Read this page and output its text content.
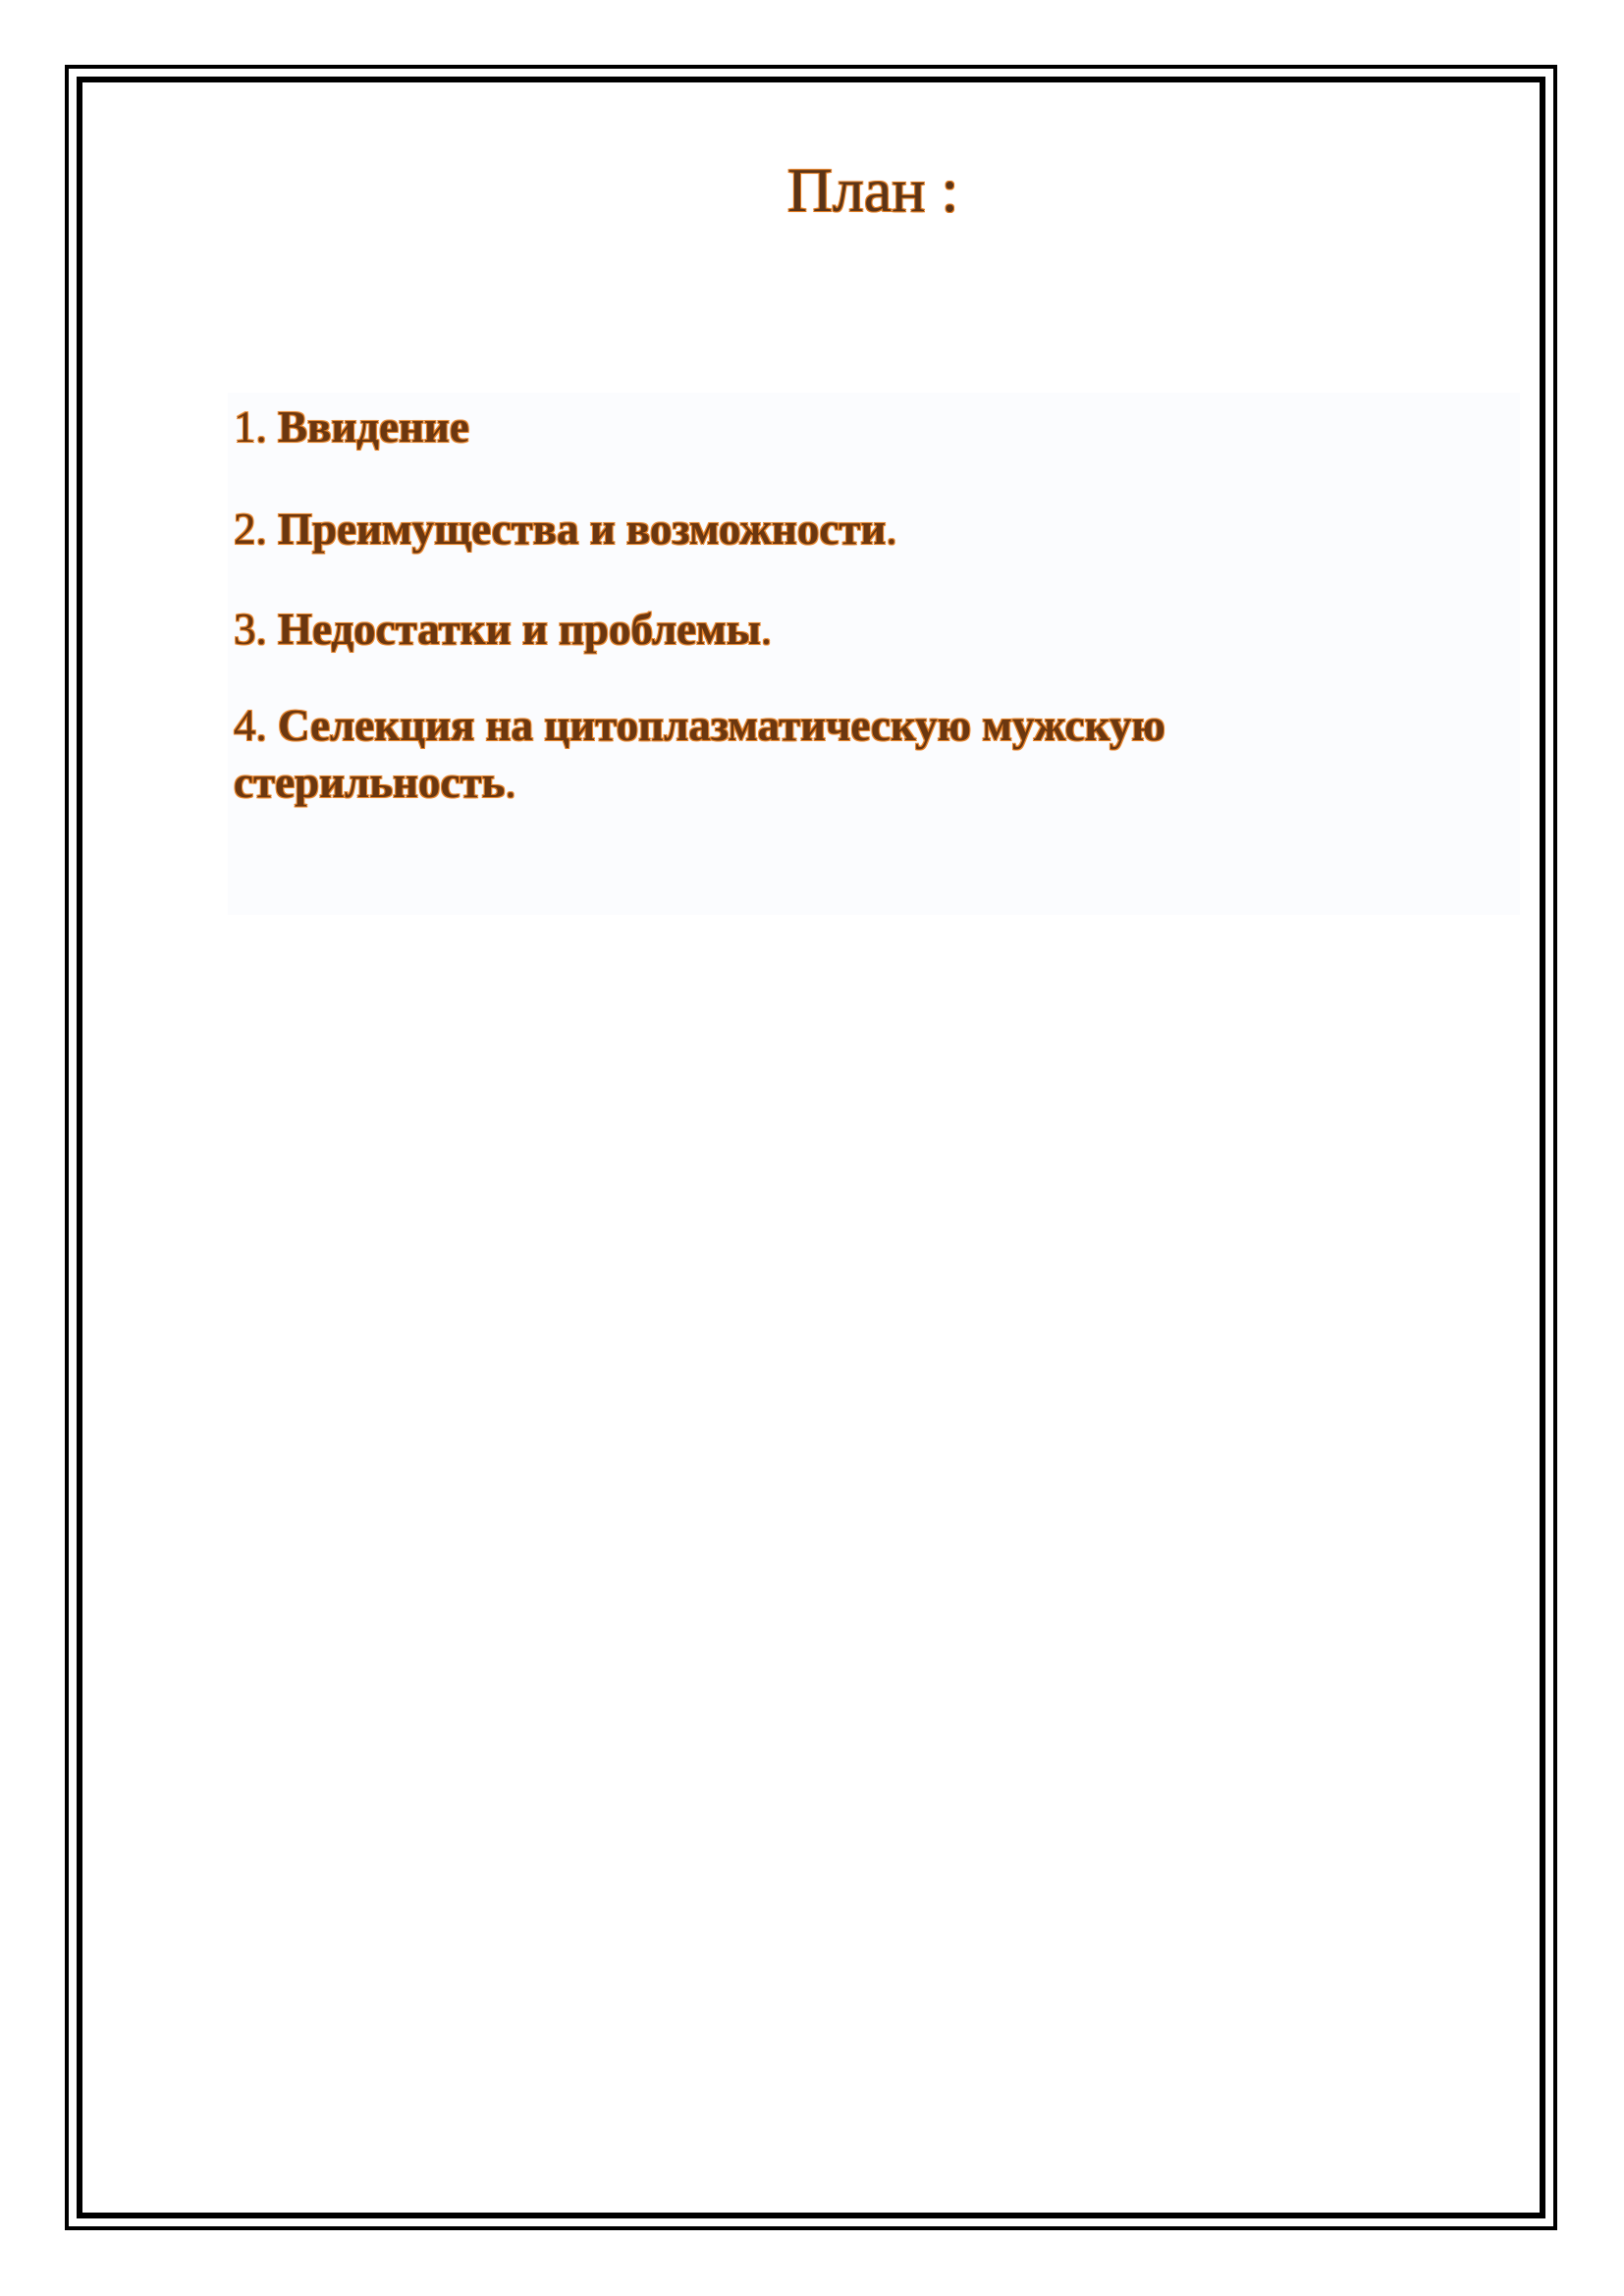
План :
1. Ввидение
2. Преимущества и возможности.
3. Недостатки и проблемы.
4. Селекция на цитоплазматическую мужскую стерильность.
